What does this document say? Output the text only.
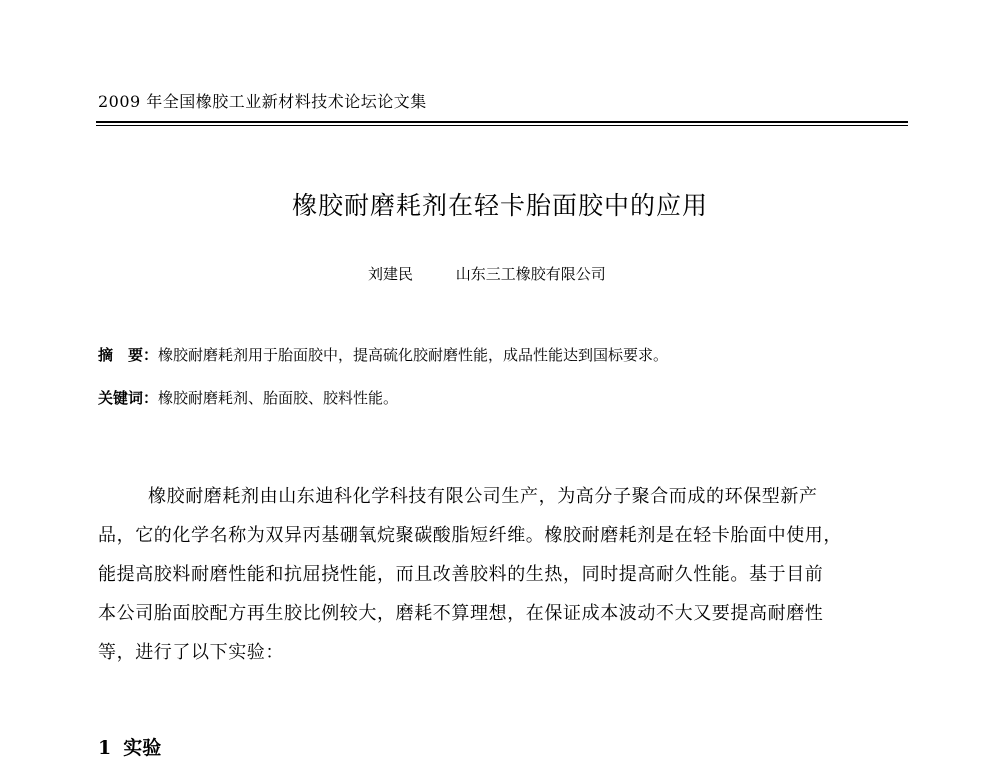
2009 年全国橡胶工业新材料技术论坛论文集
橡胶耐磨耗剂在轻卡胎面胶中的应用
刘建民	山东三工橡胶有限公司
摘　要：橡胶耐磨耗剂用于胎面胶中，提高硫化胶耐磨性能，成品性能达到国标要求。
关键词：橡胶耐磨耗剂、胎面胶、胶料性能。
橡胶耐磨耗剂由山东迪科化学科技有限公司生产，为高分子聚合而成的环保型新产
品，它的化学名称为双异丙基硼氧烷聚碳酸脂短纤维。橡胶耐磨耗剂是在轻卡胎面中使用，
能提高胶料耐磨性能和抗屈挠性能，而且改善胶料的生热，同时提高耐久性能。基于目前
本公司胎面胶配方再生胶比例较大，磨耗不算理想，在保证成本波动不大又要提高耐磨性
等，进行了以下实验：
1 实验
